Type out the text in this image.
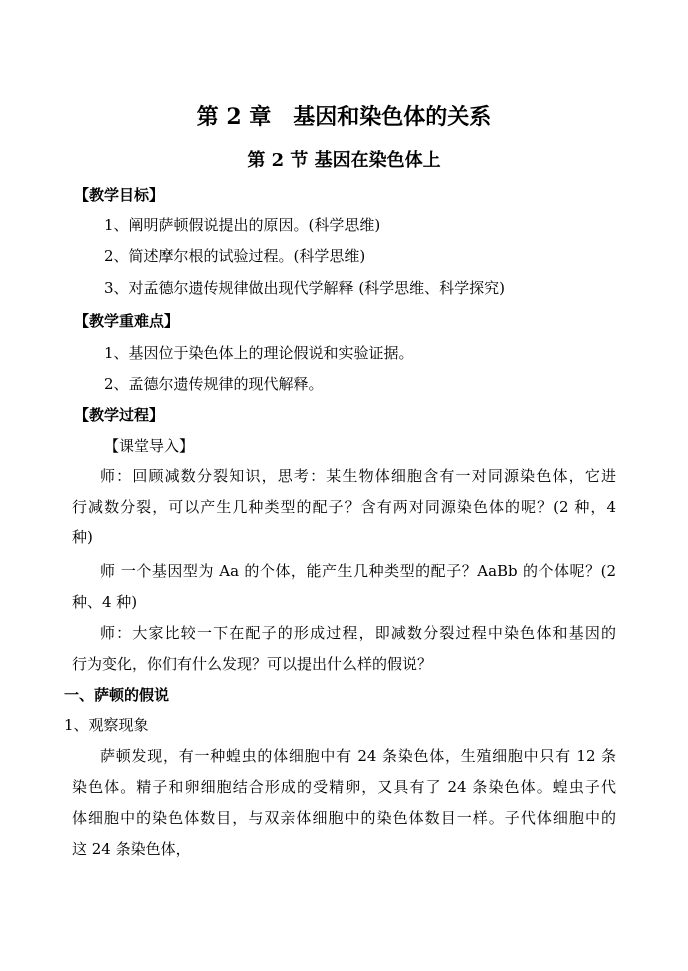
第 2 章　基因和染色体的关系
第 2 节 基因在染色体上
【教学目标】
1、阐明萨顿假说提出的原因。(科学思维)
2、简述摩尔根的试验过程。(科学思维)
3、对孟德尔遗传规律做出现代学解释 (科学思维、科学探究)
【教学重难点】
1、基因位于染色体上的理论假说和实验证据。
2、孟德尔遗传规律的现代解释。
【教学过程】
【课堂导入】
师：回顾减数分裂知识，思考：某生物体细胞含有一对同源染色体，它进
行减数分裂，可以产生几种类型的配子？含有两对同源染色体的呢？(2 种，4
种)
师 一个基因型为 Aa 的个体，能产生几种类型的配子？AaBb 的个体呢？(2
种、4 种)
师：大家比较一下在配子的形成过程，即减数分裂过程中染色体和基因的
行为变化，你们有什么发现？可以提出什么样的假说？
一、萨顿的假说
1、观察现象
萨顿发现，有一种蝗虫的体细胞中有 24 条染色体，生殖细胞中只有 12 条
染色体。精子和卵细胞结合形成的受精卵，又具有了 24 条染色体。蝗虫子代
体细胞中的染色体数目，与双亲体细胞中的染色体数目一样。子代体细胞中的
这 24 条染色体，
